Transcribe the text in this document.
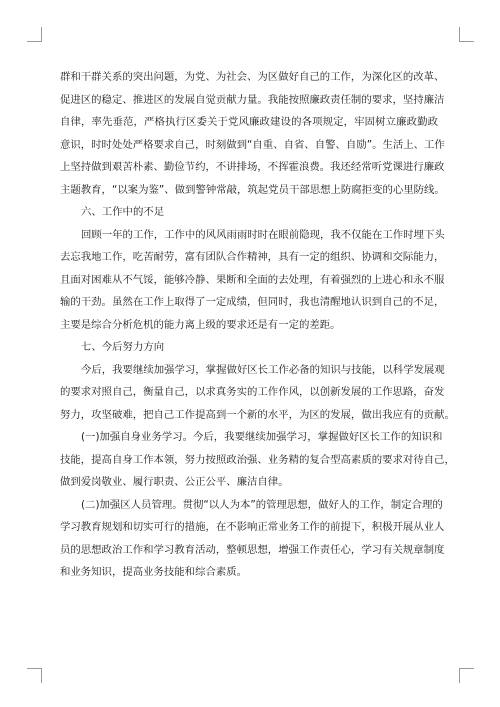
群和干群关系的突出问题，为党、为社会、为区做好自己的工作，为深化区的改革、
促进区的稳定、推进区的发展自觉贡献力量。我能按照廉政责任制的要求，坚持廉洁
自律，率先垂范，严格执行区委关于党风廉政建设的各项规定，牢固树立廉政勤政
意识，时时处处严格要求自己，时刻做到“自重、自省、自警、自励”。生活上、工作
上坚持做到艰苦朴素、勤俭节约，不讲排场，不挥霍浪费。我还经常听党课进行廉政
主题教育，“以案为鉴”、做到警钟常敲，筑起党员干部思想上防腐拒变的心里防线。
六、工作中的不足
回顾一年的工作，工作中的风风雨雨时时在眼前隐现，我不仅能在工作时埋下头
去忘我地工作，吃苦耐劳，富有团队合作精神，具有一定的组织、协调和交际能力，
且面对困难从不气馁，能够冷静、果断和全面的去处理，有着强烈的上进心和永不服
输的干劲。虽然在工作上取得了一定成绩，但同时，我也清醒地认识到自己的不足，
主要是综合分析危机的能力离上级的要求还是有一定的差距。
七、今后努力方向
今后，我要继续加强学习，掌握做好区长工作必备的知识与技能，以科学发展观
的要求对照自己，衡量自己，以求真务实的工作作风，以创新发展的工作思路，奋发
努力，攻坚破难，把自己工作提高到一个新的水平，为区的发展，做出我应有的贡献。
(一)加强自身业务学习。今后，我要继续加强学习，掌握做好区长工作的知识和
技能，提高自身工作本领，努力按照政治强、业务精的复合型高素质的要求对待自己，
做到爱岗敬业、履行职责、公正公平、廉洁自律。
(二)加强区人员管理。贯彻“以人为本”的管理思想，做好人的工作，制定合理的
学习教育规划和切实可行的措施，在不影响正常业务工作的前提下，积极开展从业人
员的思想政治工作和学习教育活动，整顿思想，增强工作责任心，学习有关规章制度
和业务知识，提高业务技能和综合素质。
